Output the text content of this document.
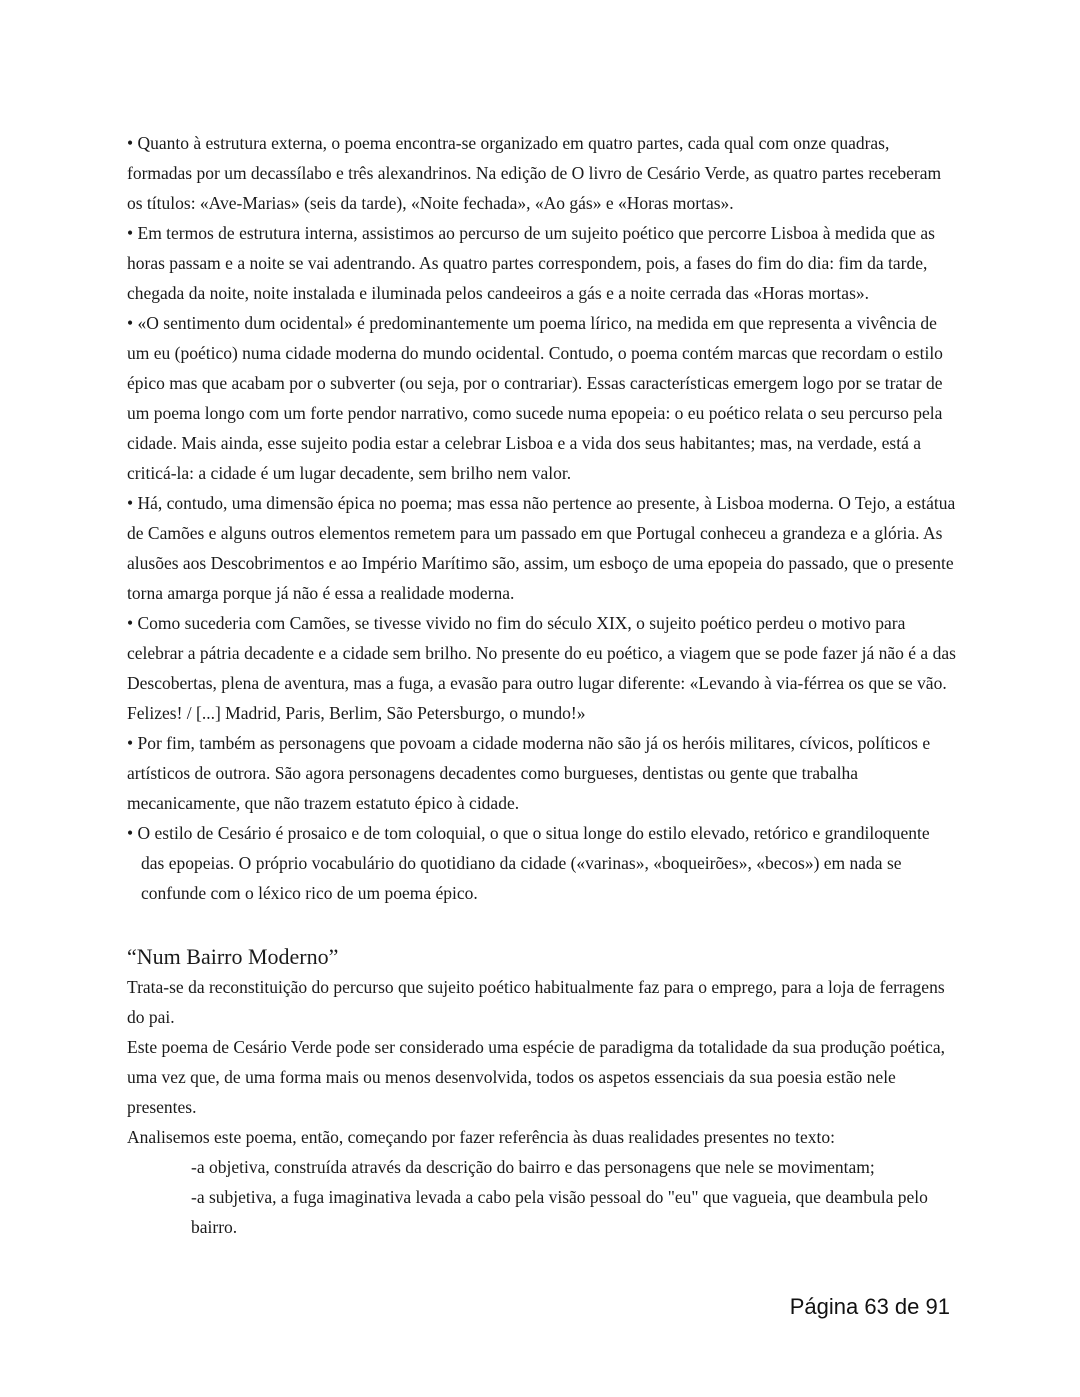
• Quanto à estrutura externa, o poema encontra-se organizado em quatro partes, cada qual com onze quadras, formadas por um decassílabo e três alexandrinos. Na edição de O livro de Cesário Verde, as quatro partes receberam os títulos: «Ave-Marias» (seis da tarde), «Noite fechada», «Ao gás» e «Horas mortas».

• Em termos de estrutura interna, assistimos ao percurso de um sujeito poético que percorre Lisboa à medida que as horas passam e a noite se vai adentrando. As quatro partes correspondem, pois, a fases do fim do dia: fim da tarde, chegada da noite, noite instalada e iluminada pelos candeeiros a gás e a noite cerrada das «Horas mortas».

• «O sentimento dum ocidental» é predominantemente um poema lírico, na medida em que representa a vivência de um eu (poético) numa cidade moderna do mundo ocidental. Contudo, o poema contém marcas que recordam o estilo épico mas que acabam por o subverter (ou seja, por o contrariar). Essas características emergem logo por se tratar de um poema longo com um forte pendor narrativo, como sucede numa epopeia: o eu poético relata o seu percurso pela cidade. Mais ainda, esse sujeito podia estar a celebrar Lisboa e a vida dos seus habitantes; mas, na verdade, está a criticá-la: a cidade é um lugar decadente, sem brilho nem valor.

• Há, contudo, uma dimensão épica no poema; mas essa não pertence ao presente, à Lisboa moderna. O Tejo, a estátua de Camões e alguns outros elementos remetem para um passado em que Portugal conheceu a grandeza e a glória. As alusões aos Descobrimentos e ao Império Marítimo são, assim, um esboço de uma epopeia do passado, que o presente torna amarga porque já não é essa a realidade moderna.

• Como sucederia com Camões, se tivesse vivido no fim do século XIX, o sujeito poético perdeu o motivo para celebrar a pátria decadente e a cidade sem brilho. No presente do eu poético, a viagem que se pode fazer já não é a das Descobertas, plena de aventura, mas a fuga, a evasão para outro lugar diferente: «Levando à via-férrea os que se vão. Felizes! / [...] Madrid, Paris, Berlim, São Petersburgo, o mundo!»

• Por fim, também as personagens que povoam a cidade moderna não são já os heróis militares, cívicos, políticos e artísticos de outrora. São agora personagens decadentes como burgueses, dentistas ou gente que trabalha mecanicamente, que não trazem estatuto épico à cidade.

• O estilo de Cesário é prosaico e de tom coloquial, o que o situa longe do estilo elevado, retórico e grandiloquente das epopeias. O próprio vocabulário do quotidiano da cidade («varinas», «boqueirões», «becos») em nada se confunde com o léxico rico de um poema épico.

“Num Bairro Moderno”

Trata-se da reconstituição do percurso que sujeito poético habitualmente faz para o emprego, para a loja de ferragens do pai.

Este poema de Cesário Verde pode ser considerado uma espécie de paradigma da totalidade da sua produção poética, uma vez que, de uma forma mais ou menos desenvolvida, todos os aspetos essenciais da sua poesia estão nele presentes.

Analisemos este poema, então, começando por fazer referência às duas realidades presentes no texto:

-a objetiva, construída através da descrição do bairro e das personagens que nele se movimentam;

-a subjetiva, a fuga imaginativa levada a cabo pela visão pessoal do "eu" que vagueia, que deambula pelo bairro.

Página 63 de 91
